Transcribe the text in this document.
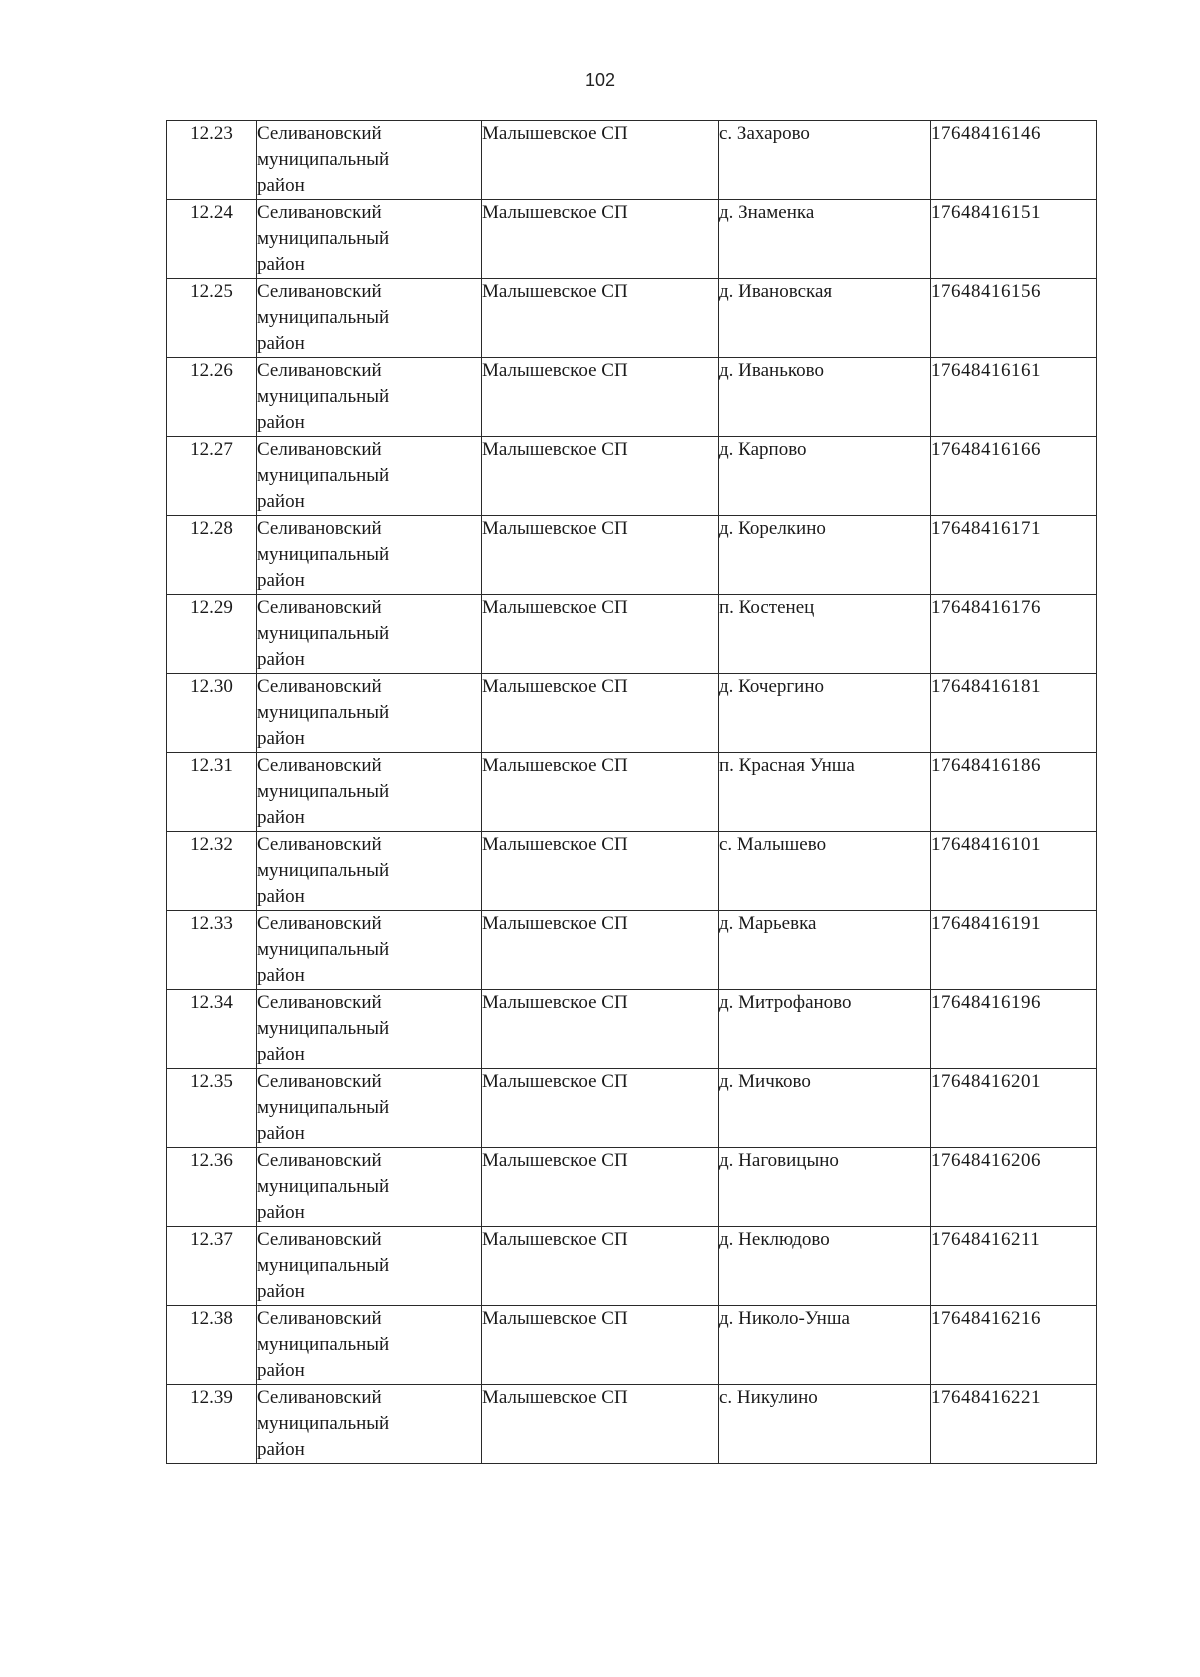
102
12.23	Селивановский
муниципальный
район	Малышевское СП	с. Захарово	17648416146
12.24	Селивановский
муниципальный
район	Малышевское СП	д. Знаменка	17648416151
12.25	Селивановский
муниципальный
район	Малышевское СП	д. Ивановская	17648416156
12.26	Селивановский
муниципальный
район	Малышевское СП	д. Иваньково	17648416161
12.27	Селивановский
муниципальный
район	Малышевское СП	д. Карпово	17648416166
12.28	Селивановский
муниципальный
район	Малышевское СП	д. Корелкино	17648416171
12.29	Селивановский
муниципальный
район	Малышевское СП	п. Костенец	17648416176
12.30	Селивановский
муниципальный
район	Малышевское СП	д. Кочергино	17648416181
12.31	Селивановский
муниципальный
район	Малышевское СП	п. Красная Унша	17648416186
12.32	Селивановский
муниципальный
район	Малышевское СП	с. Малышево	17648416101
12.33	Селивановский
муниципальный
район	Малышевское СП	д. Марьевка	17648416191
12.34	Селивановский
муниципальный
район	Малышевское СП	д. Митрофаново	17648416196
12.35	Селивановский
муниципальный
район	Малышевское СП	д. Мичково	17648416201
12.36	Селивановский
муниципальный
район	Малышевское СП	д. Наговицыно	17648416206
12.37	Селивановский
муниципальный
район	Малышевское СП	д. Неклюдово	17648416211
12.38	Селивановский
муниципальный
район	Малышевское СП	д. Николо-Унша	17648416216
12.39	Селивановский
муниципальный
район	Малышевское СП	с. Никулино	17648416221
